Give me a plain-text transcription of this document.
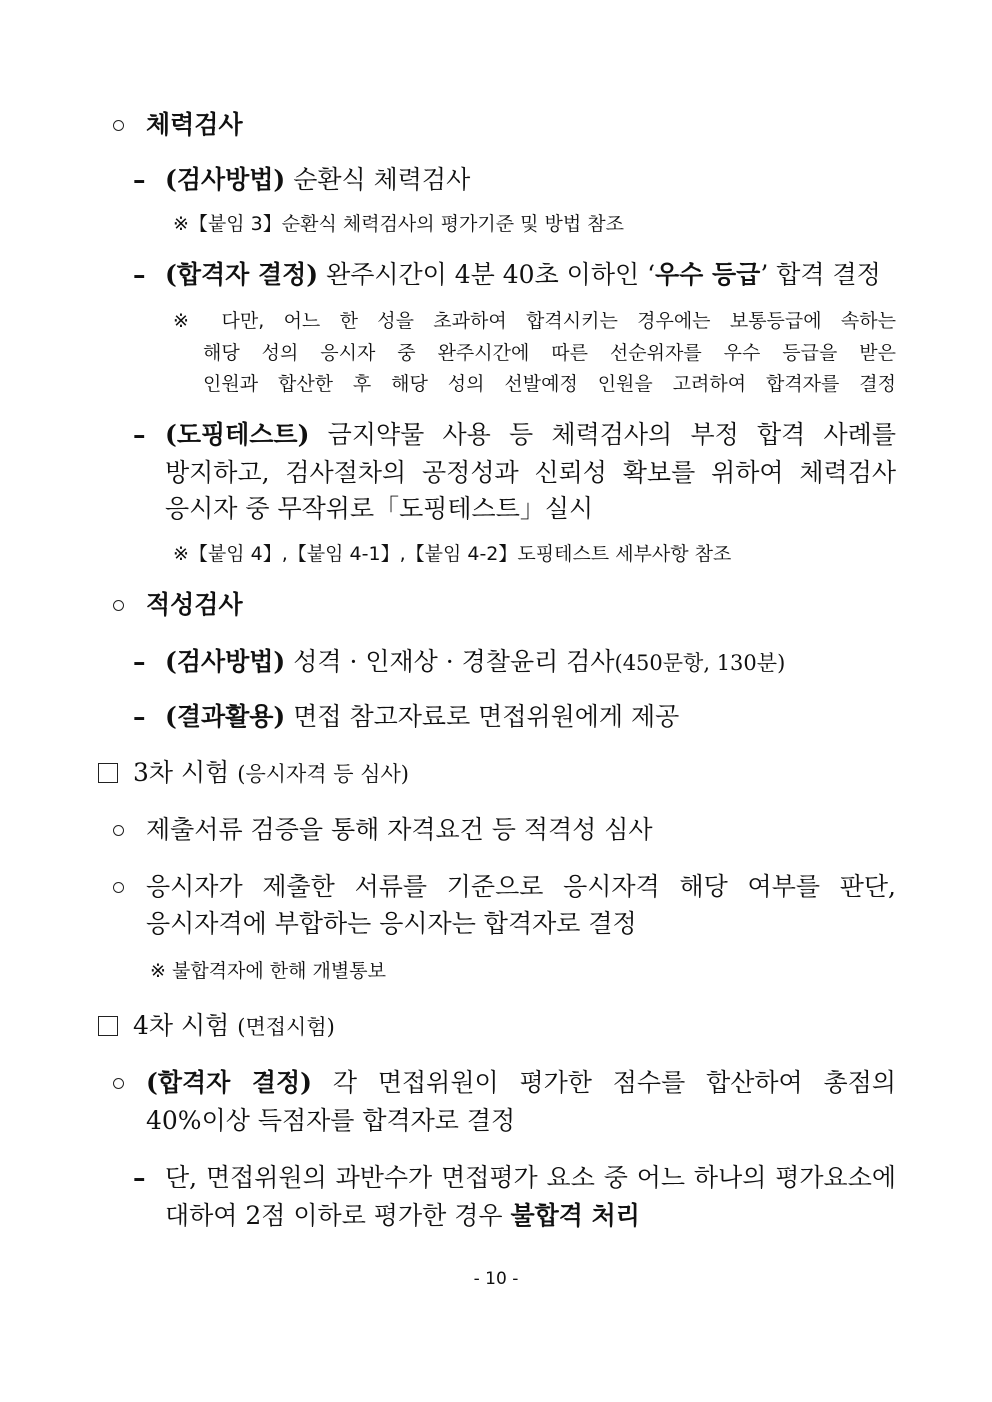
체력검사
– (검사방법) 순환식 체력검사
※【붙임 3】순환식 체력검사의 평가기준 및 방법 참조
– (합격자 결정) 완주시간이 4분 40초 이하인 ‘우수 등급’ 합격 결정
※ 다만, 어느 한 성을 초과하여 합격시키는 경우에는 보통등급에 속하는
해당 성의 응시자 중 완주시간에 따른 선순위자를 우수 등급을 받은
인원과 합산한 후 해당 성의 선발예정 인원을 고려하여 합격자를 결정
– (도핑테스트) 금지약물 사용 등 체력검사의 부정 합격 사례를
방지하고, 검사절차의 공정성과 신뢰성 확보를 위하여 체력검사
응시자 중 무작위로「도핑테스트」실시
※【붙임 4】,【붙임 4-1】,【붙임 4-2】도핑테스트 세부사항 참조
적성검사
– (검사방법) 성격 · 인재상 · 경찰윤리 검사(450문항, 130분)
– (결과활용) 면접 참고자료로 면접위원에게 제공
3차 시험 (응시자격 등 심사)
제출서류 검증을 통해 자격요건 등 적격성 심사
응시자가 제출한 서류를 기준으로 응시자격 해당 여부를 판단,
응시자격에 부합하는 응시자는 합격자로 결정
※ 불합격자에 한해 개별통보
4차 시험 (면접시험)
(합격자 결정) 각 면접위원이 평가한 점수를 합산하여 총점의
40%이상 득점자를 합격자로 결정
– 단, 면접위원의 과반수가 면접평가 요소 중 어느 하나의 평가요소에
대하여 2점 이하로 평가한 경우 불합격 처리
- 10 -
